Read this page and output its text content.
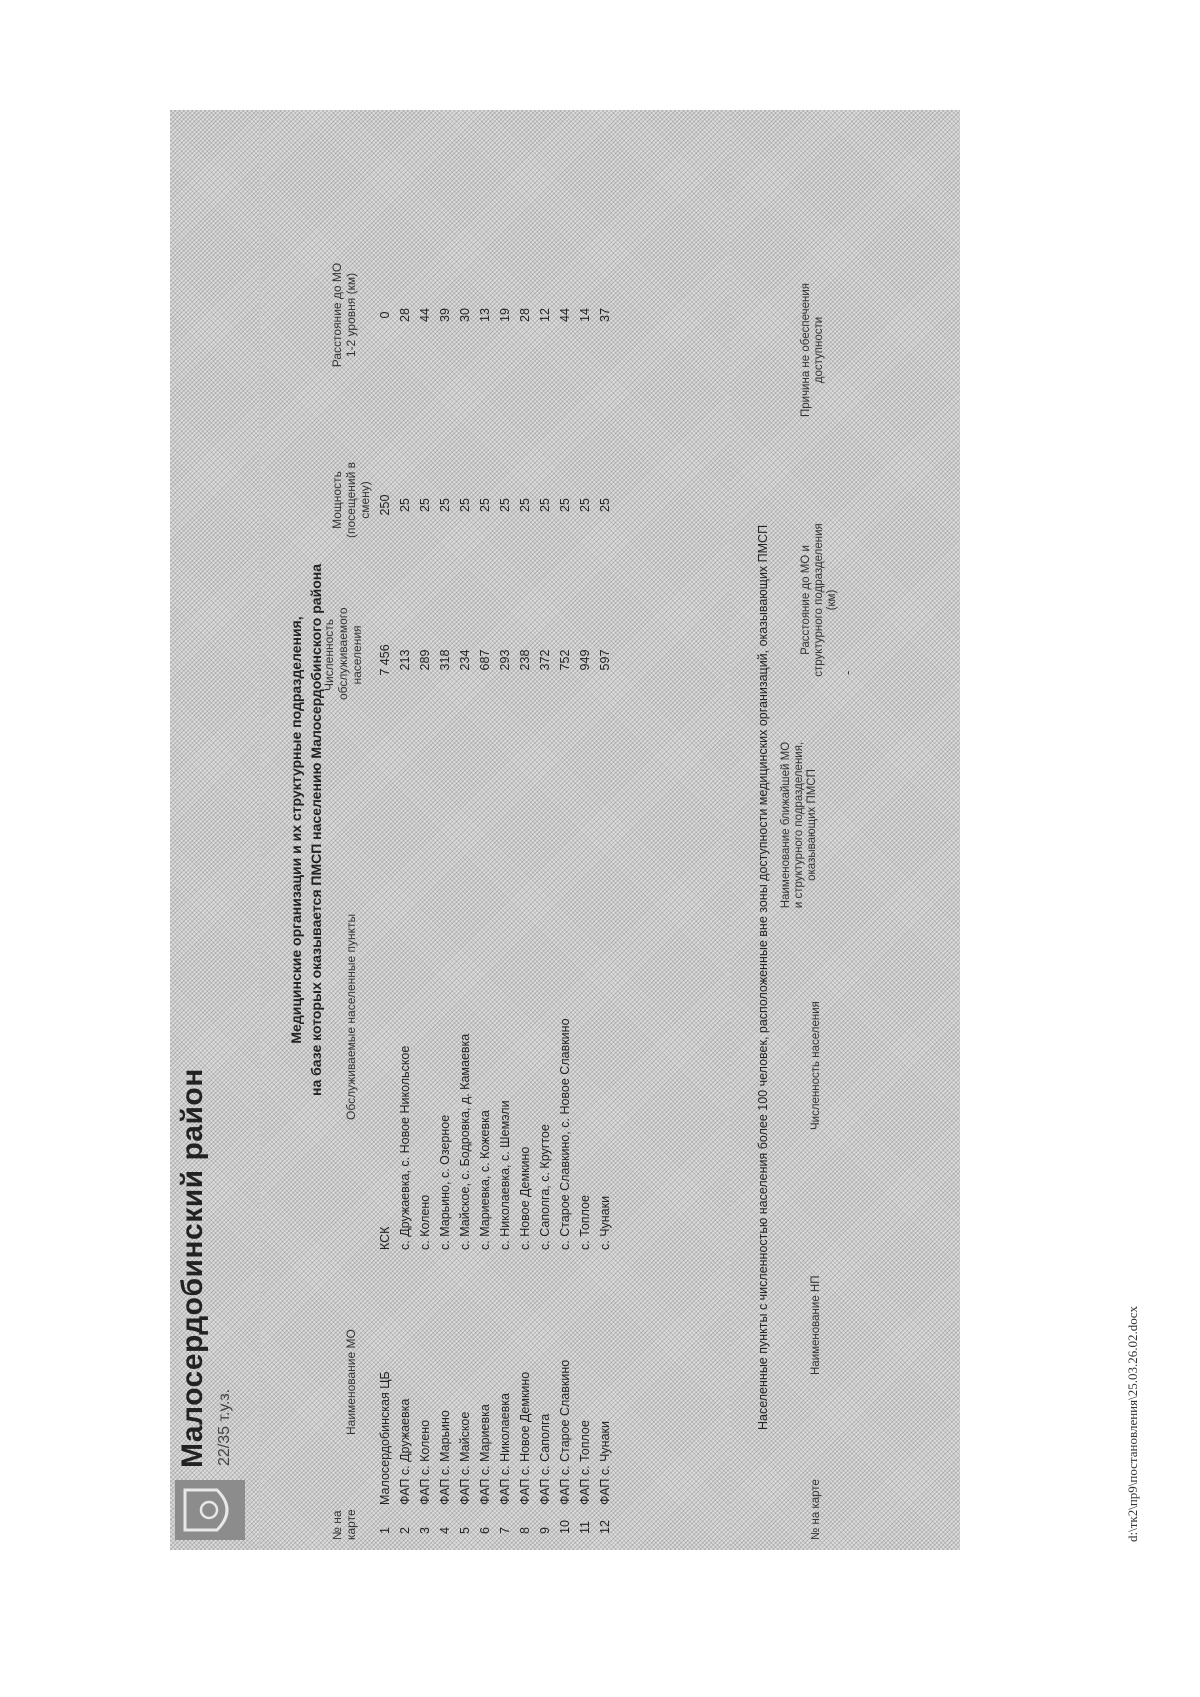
Малосердобинский район 22/35 т.у.з.
Медицинские организации и их структурные подразделения, на базе которых оказывается ПМСП населению Малосердобинского района
№ на карте
Наименование МО
Обслуживаемые населенные пункты
Численность обслуживаемого населения
Мощность (посещений в смену)
Расстояние до МО 1-2 уровня (км)
1
Малосердобинская ЦБ
КСК
7 456
250
0
2
ФАП с. Дружаевка
с. Дружаевка, с. Новое Никольское
213
25
28
3
ФАП с. Колено
с. Колено
289
25
44
4
ФАП с. Марьино
с. Марьино, с. Озерное
318
25
39
5
ФАП с. Майское
с. Майское, с. Бодровка, д. Камаевка
234
25
30
6
ФАП с. Мариевка
с. Мариевка, с. Кожевка
687
25
13
7
ФАП с. Николаевка
с. Николаевка, с. Шемэли
293
25
19
8
ФАП с. Новое Демкино
с. Новое Демкино
238
25
28
9
ФАП с. Саполга
с. Саполга, с. Кругтое
372
25
12
10
ФАП с. Старое Славкино
с. Старое Славкино, с. Новое Славкино
752
25
44
11
ФАП с. Топлое
с. Топлое
949
25
14
12
ФАП с. Чунаки
с. Чунаки
597
25
37
Населенные пункты с численностью населения более 100 человек, расположенные вне зоны доступности медицинских организаций, оказывающих ПМСП
№ на карте
Наименование НП
Численность населения
Наименование ближайшей МО и структурного подразделения, оказывающих ПМСП
Расстояние до МО и структурного подразделения (км)
Причина не обеспечения доступности
-
d:\тк2\пр9\постановления\25.03.26.02.docx
